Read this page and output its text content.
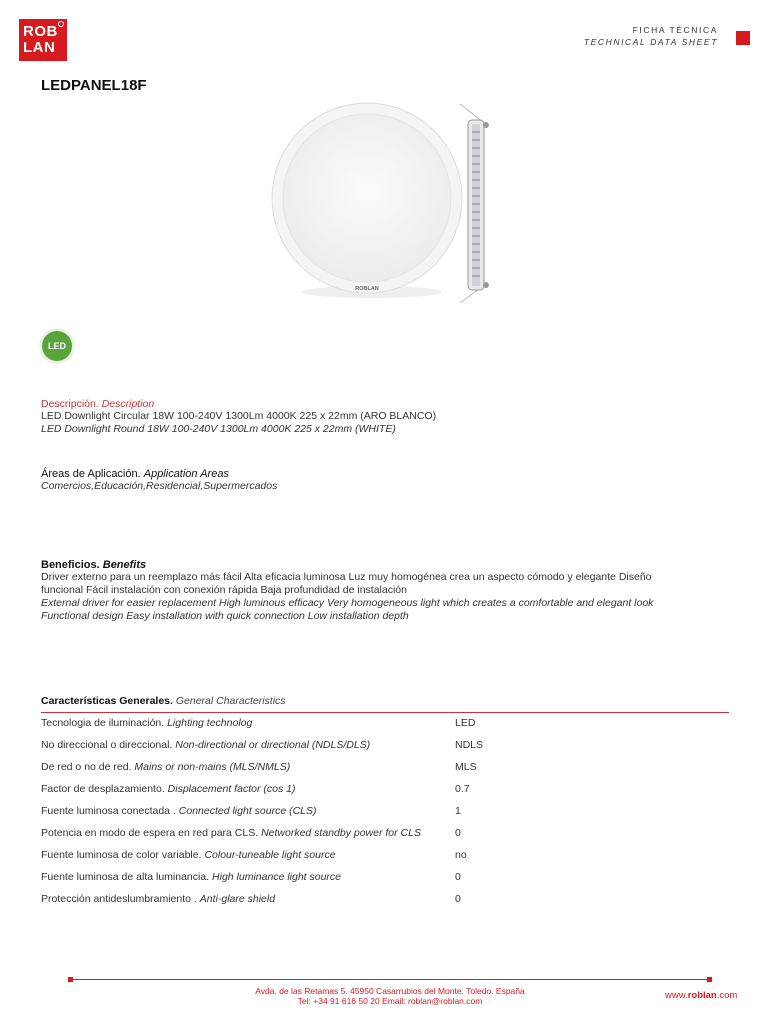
ROB
LAN
FICHA TÉCNICA
TECHNICAL DATA SHEET
LEDPANEL18F
ROBLAN
LED
Descripción. Description
LED Downlight Circular 18W 100-240V 1300Lm 4000K 225 x 22mm (ARO BLANCO)
LED Downlight Round 18W 100-240V 1300Lm 4000K 225 x 22mm (WHITE)
Áreas de Aplicación. Application Areas
Comercios,Educación,Residencial,Supermercados
Beneficios. Benefits
Driver externo para un reemplazo más fácil Alta eficacia luminosa Luz muy homogénea crea un aspecto cómodo y elegante Diseño
funcional Fácil instalación con conexión rápida Baja profundidad de instalación
External driver for easier replacement High luminous efficacy Very homogeneous light which creates a comfortable and elegant look
Functional design Easy installation with quick connection Low installation depth
Características Generales. General Characteristics
Tecnologia de iluminación. Lighting technolog	LED
No direccional o direccional. Non-directional or directional (NDLS/DLS)	NDLS
De red o no de red. Mains or non-mains (MLS/NMLS)	MLS
Factor de desplazamiento. Displacement factor (cos 1)	0.7
Fuente luminosa conectada . Connected light source (CLS)	1
Potencia en modo de espera en red para CLS. Networked standby power for CLS	0
Fuente luminosa de color variable. Colour-tuneable light source	no
Fuente luminosa de alta luminancia. High luminance light source	0
Protección antideslumbramiento . Anti-glare shield	0
Avda. de las Retamas 5. 45950 Casarrubios del Monte. Toledo. España
Tel: +34 91 616 50 20 Email: roblan@roblan.com	www.roblan.com
